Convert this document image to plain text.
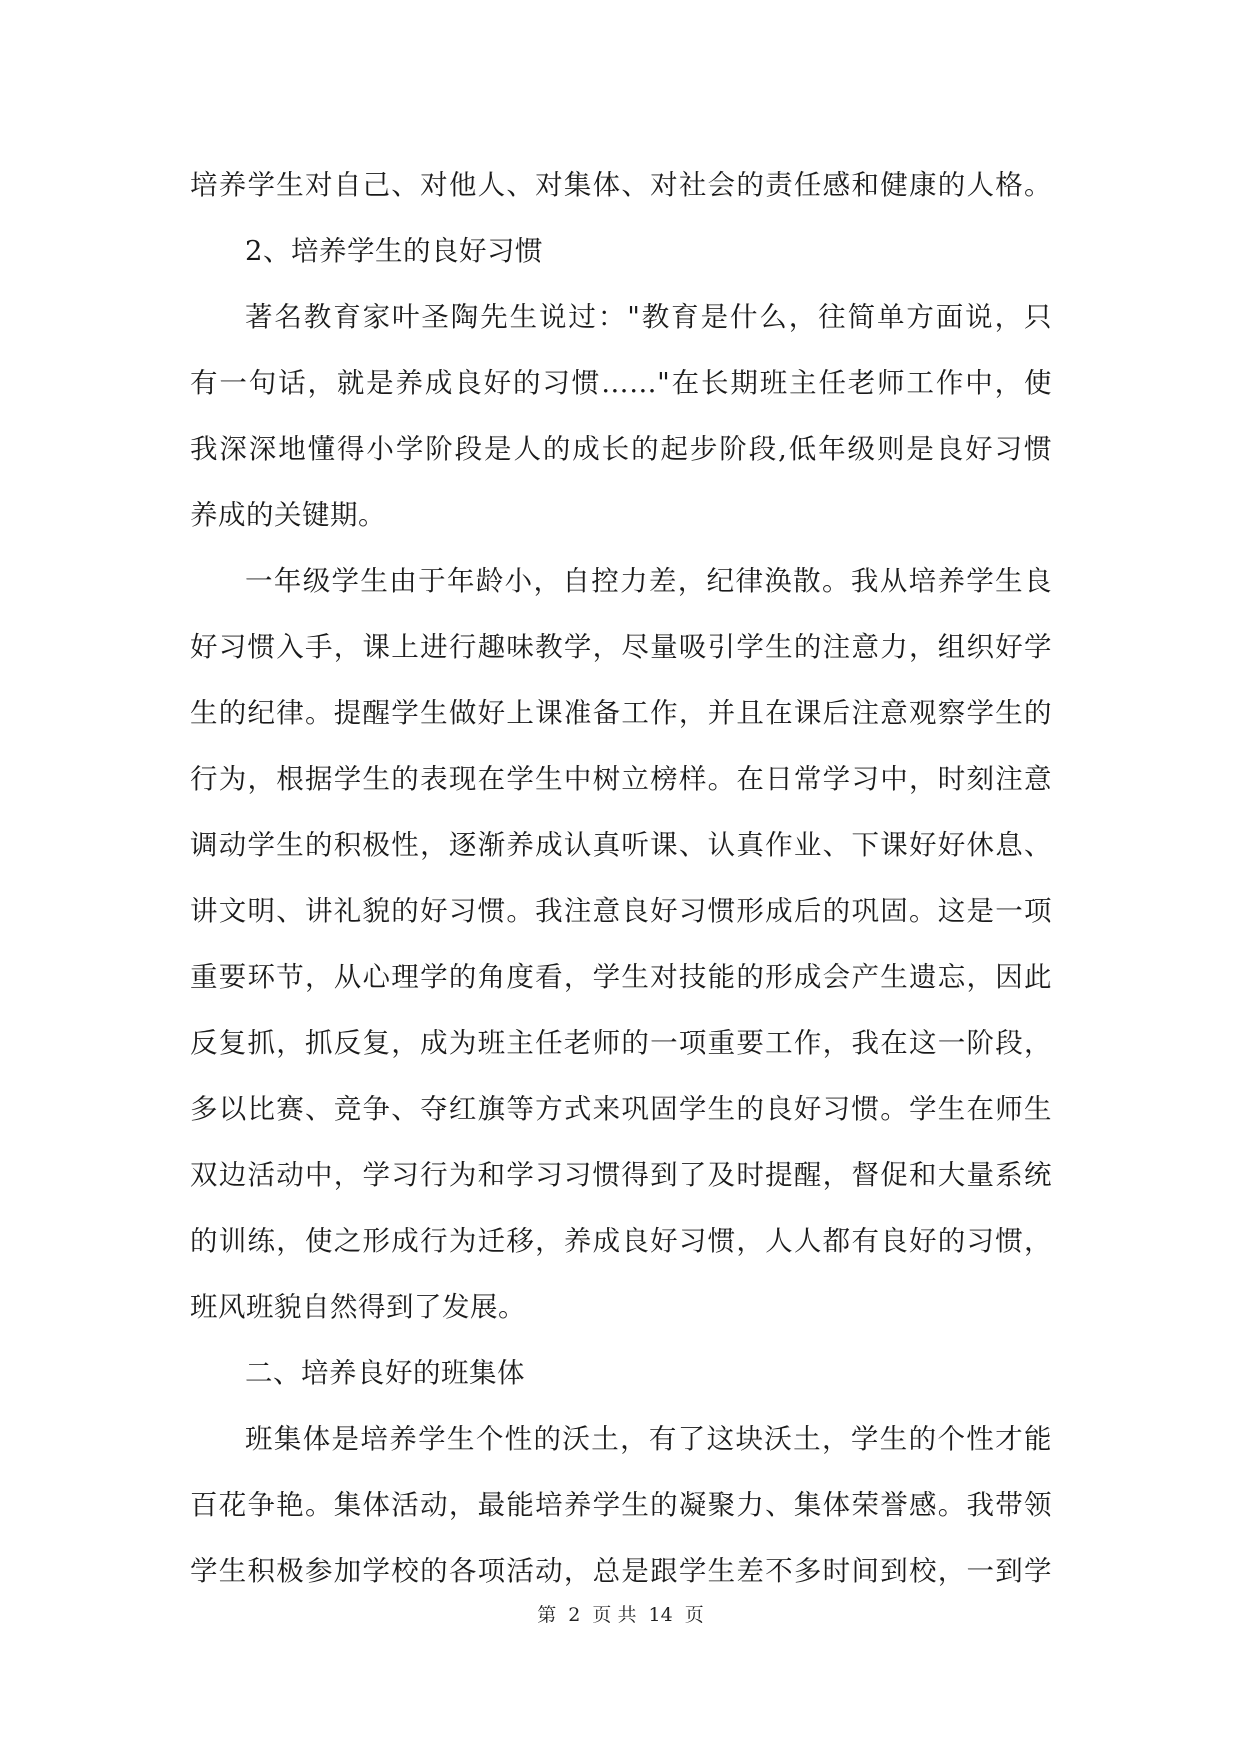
培养学生对自己、对他人、对集体、对社会的责任感和健康的人格。
2、培养学生的良好习惯
著名教育家叶圣陶先生说过："教育是什么，往简单方面说，只
有一句话，就是养成良好的习惯……"在长期班主任老师工作中，使
我深深地懂得小学阶段是人的成长的起步阶段,低年级则是良好习惯
养成的关键期。
一年级学生由于年龄小，自控力差，纪律涣散。我从培养学生良
好习惯入手，课上进行趣味教学，尽量吸引学生的注意力，组织好学
生的纪律。提醒学生做好上课准备工作，并且在课后注意观察学生的
行为，根据学生的表现在学生中树立榜样。在日常学习中，时刻注意
调动学生的积极性，逐渐养成认真听课、认真作业、下课好好休息、
讲文明、讲礼貌的好习惯。我注意良好习惯形成后的巩固。这是一项
重要环节，从心理学的角度看，学生对技能的形成会产生遗忘，因此
反复抓，抓反复，成为班主任老师的一项重要工作，我在这一阶段，
多以比赛、竞争、夺红旗等方式来巩固学生的良好习惯。学生在师生
双边活动中，学习行为和学习习惯得到了及时提醒，督促和大量系统
的训练，使之形成行为迁移，养成良好习惯，人人都有良好的习惯，
班风班貌自然得到了发展。
二、培养良好的班集体
班集体是培养学生个性的沃土，有了这块沃土，学生的个性才能
百花争艳。集体活动，最能培养学生的凝聚力、集体荣誉感。我带领
学生积极参加学校的各项活动，总是跟学生差不多时间到校，一到学
第 2 页 共 14 页
